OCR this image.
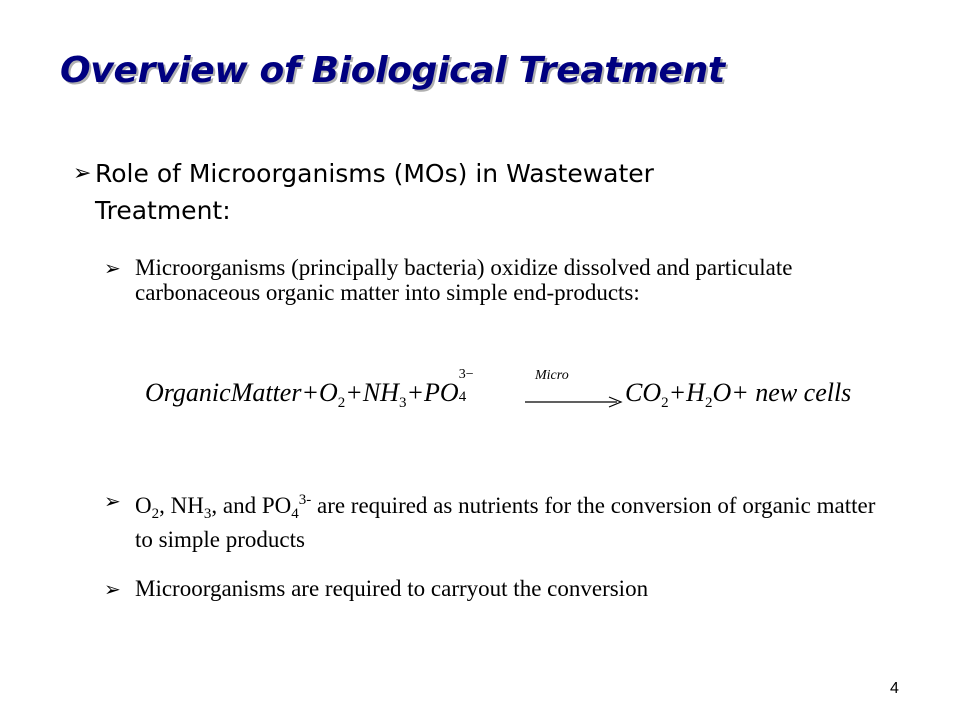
Overview of Biological Treatment
➢ Role of Microorganisms (MOs) in Wastewater Treatment:
➢ Microorganisms (principally bacteria) oxidize dissolved and particulate carbonaceous organic matter into simple end-products:
$OrganicMatter+O_2+NH_3+PO$
3−
4
Micro
→ $CO_2+H_2O+$ new cells
➢ $O_2$, $NH_3$, and $PO_4^{3-}$ are required as nutrients for the conversion of organic matter to simple products
➢ Microorganisms are required to carryout the conversion
4
